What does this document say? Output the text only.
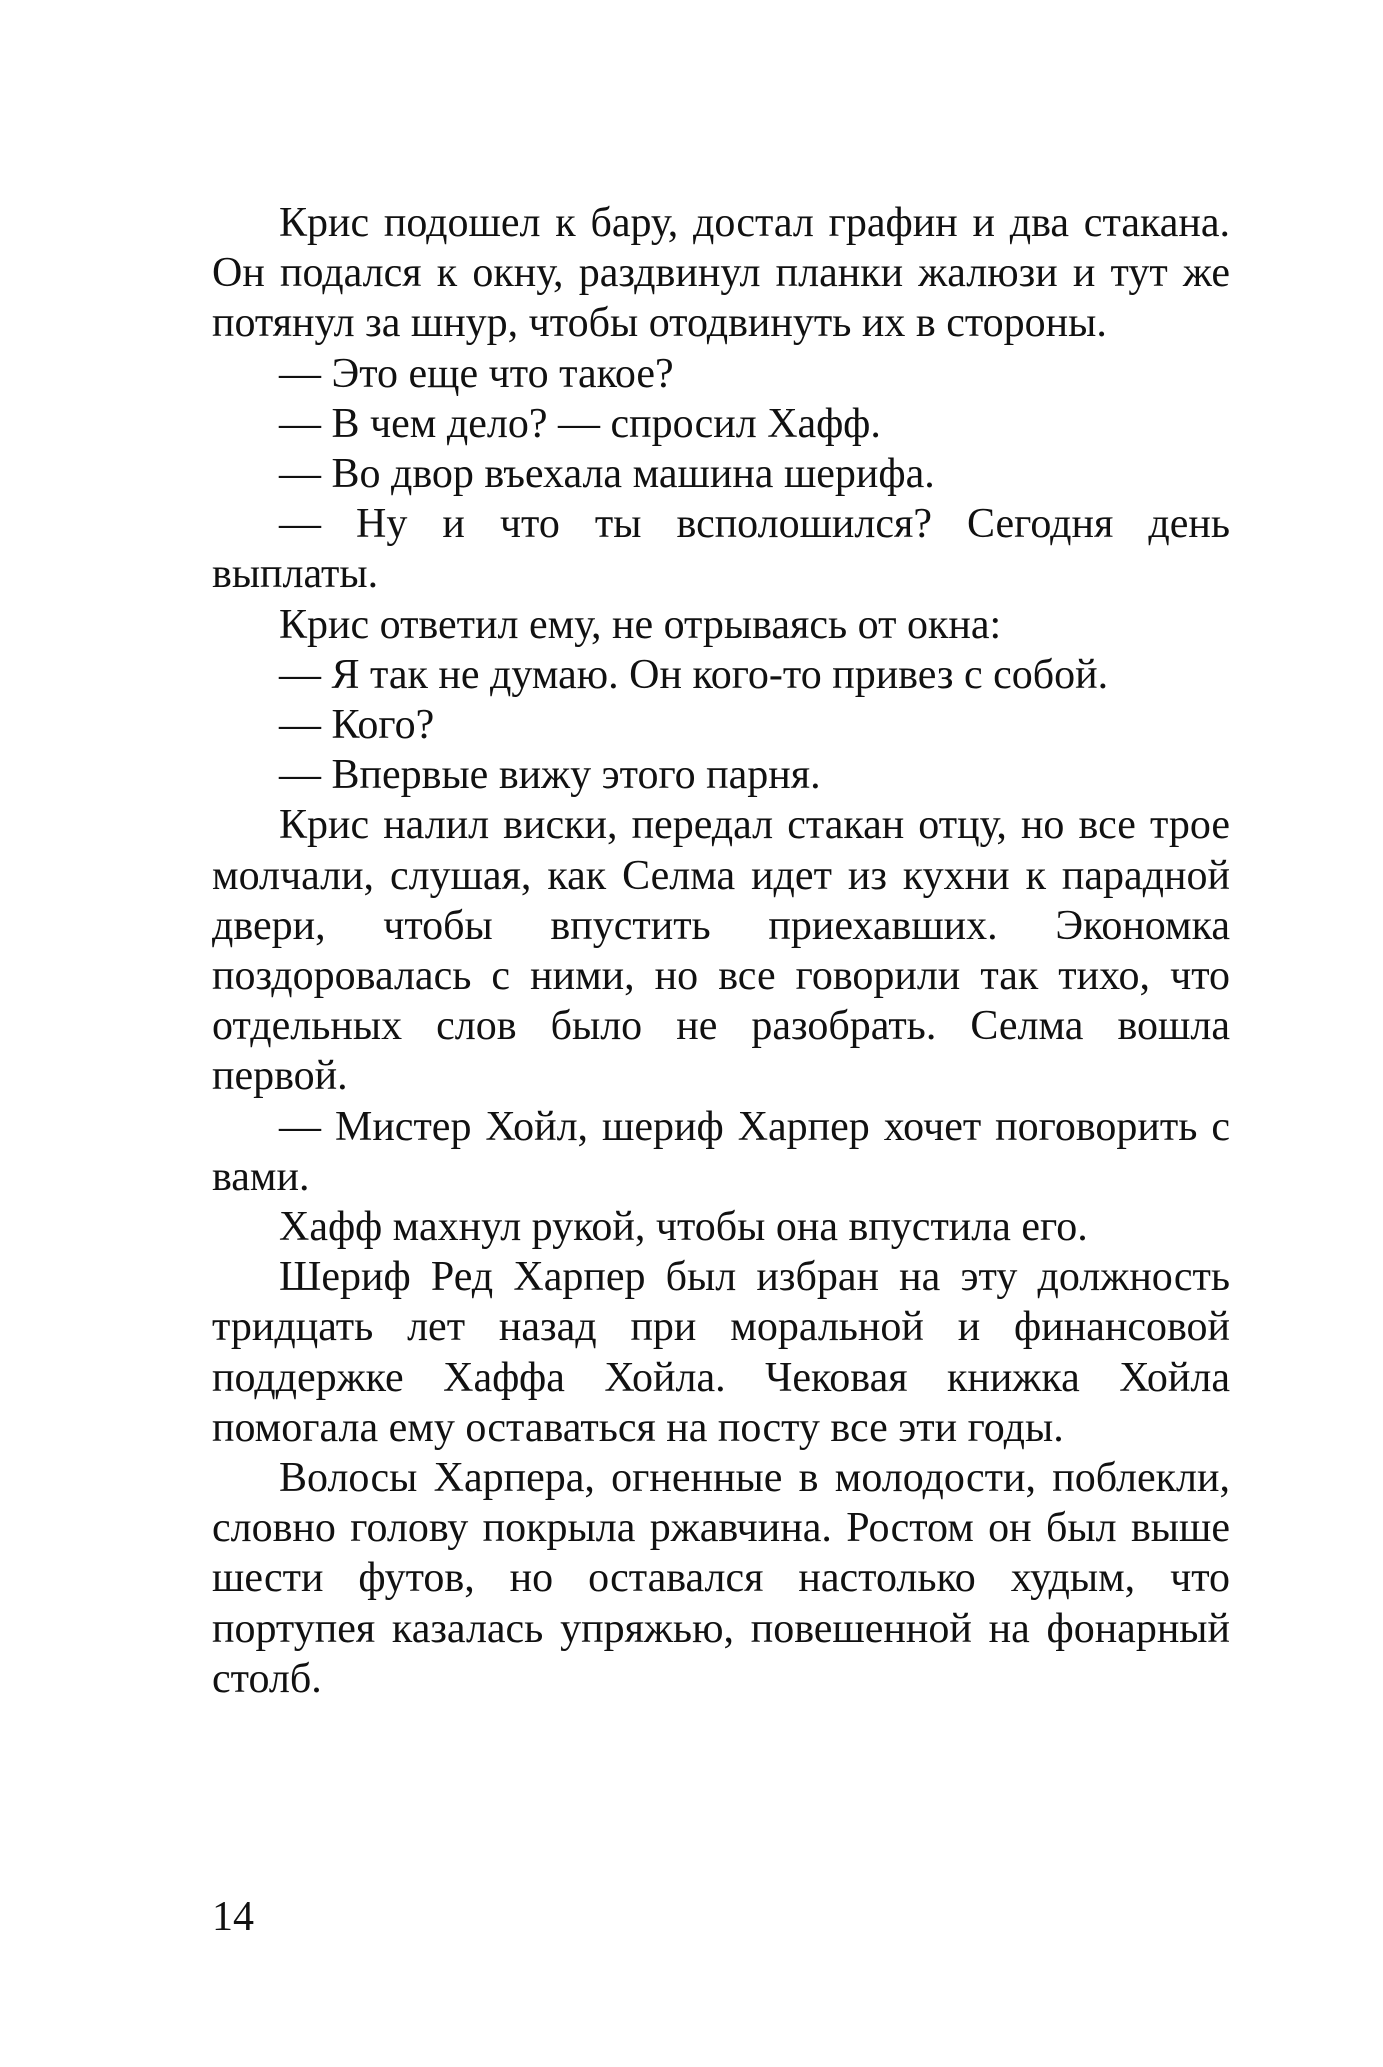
Крис подошел к бару, достал графин и два стакана. Он подался к окну, раздвинул планки жалюзи и тут же потянул за шнур, чтобы отодвинуть их в стороны.

— Это еще что такое?

— В чем дело? — спросил Хафф.

— Во двор въехала машина шерифа.

— Ну и что ты всполошился? Сегодня день выплаты.

Крис ответил ему, не отрываясь от окна:

— Я так не думаю. Он кого-то привез с собой.

— Кого?

— Впервые вижу этого парня.

Крис налил виски, передал стакан отцу, но все трое молчали, слушая, как Селма идет из кухни к парадной двери, чтобы впустить приехавших. Экономка поздоровалась с ними, но все говорили так тихо, что отдельных слов было не разобрать. Селма вошла первой.

— Мистер Хойл, шериф Харпер хочет поговорить с вами.

Хафф махнул рукой, чтобы она впустила его.

Шериф Ред Харпер был избран на эту должность тридцать лет назад при моральной и финансовой поддержке Хаффа Хойла. Чековая книжка Хойла помогала ему оставаться на посту все эти годы.

Волосы Харпера, огненные в молодости, поблекли, словно голову покрыла ржавчина. Ростом он был выше шести футов, но оставался настолько худым, что портупея казалась упряжью, повешенной на фонарный столб.

14
